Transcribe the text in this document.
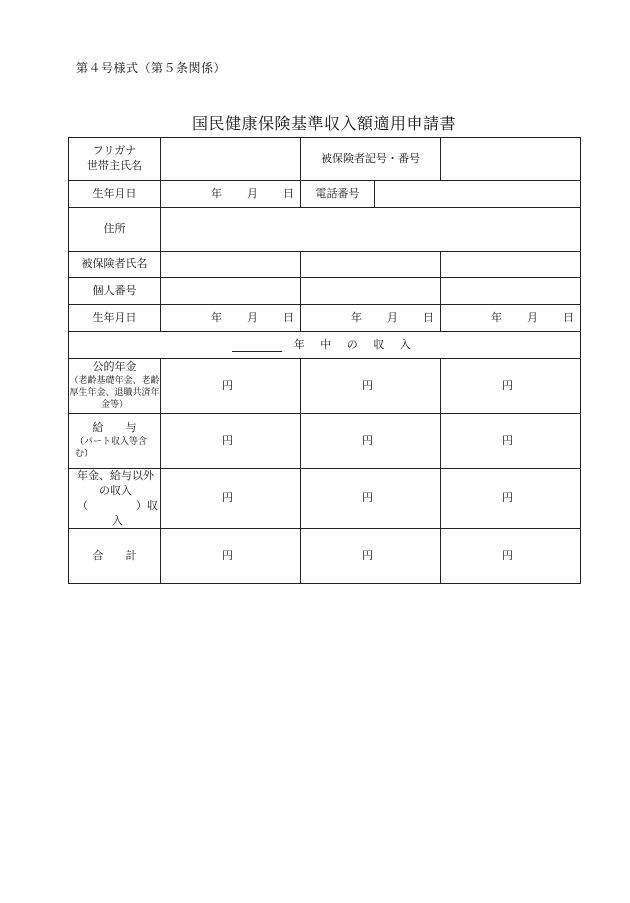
第４号様式（第５条関係）
国民健康保険基準収入額適用申請書
フリガナ
世帯主氏名		被保険者記号・番号		
生年月日	年 月 日	電話番号		
住所				
被保険者氏名				
個人番号				
生年月日	年 月 日	年 月 日		年 月 日

年 中 の 収 入				

公的年金
（老齢基礎年金、老齢厚生年金、退職共済年金等）	円	円		円

給　　与
（パート収入等含む）	円	円		円

年金、給与以外の収入
（ ）収入	円	円		円
合　　計	円	円		円
